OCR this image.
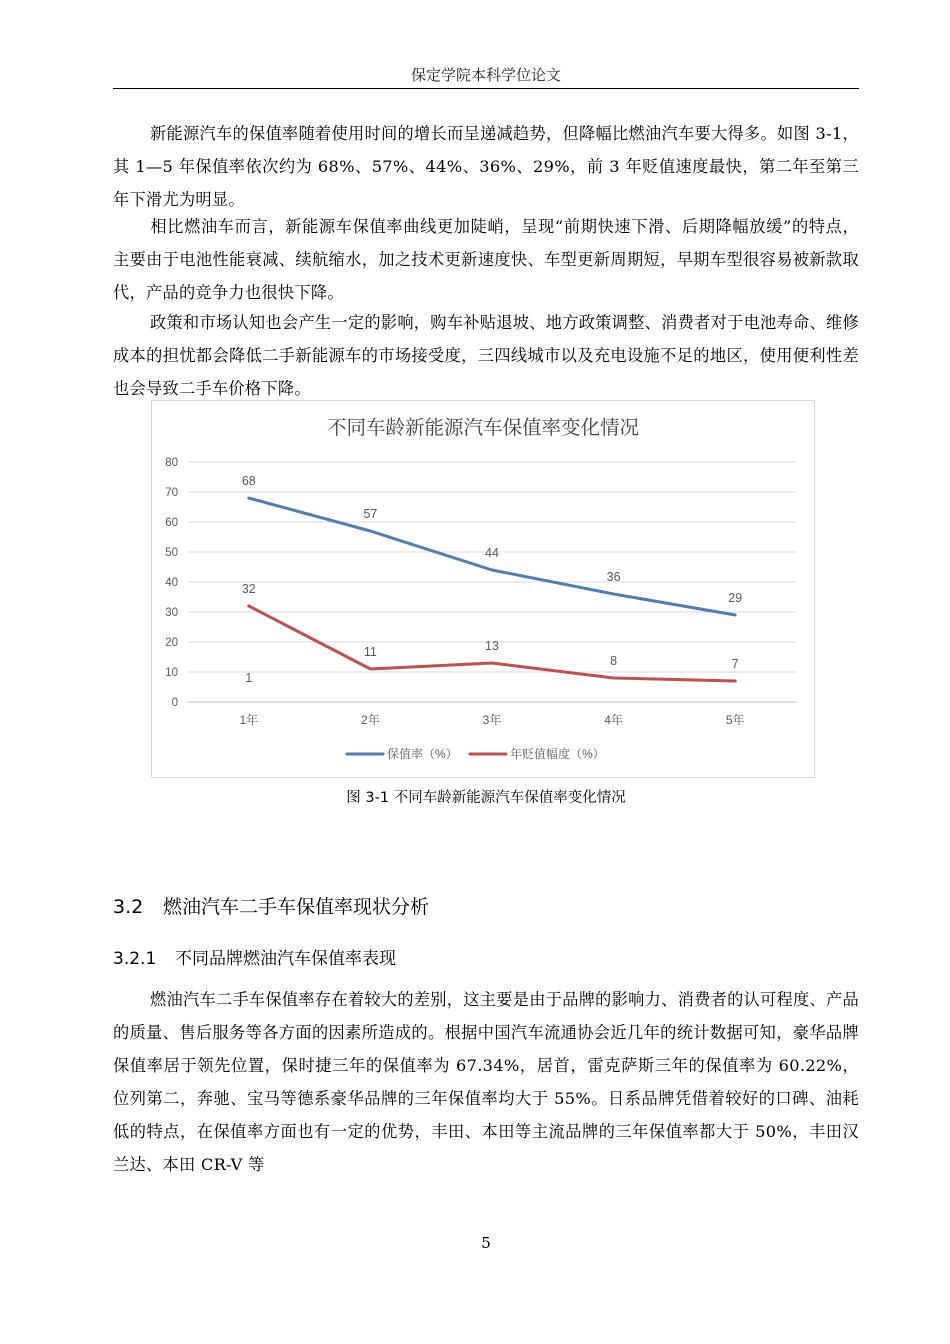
保定学院本科学位论文

新能源汽车的保值率随着使用时间的增长而呈递减趋势，但降幅比燃油汽车要大得多。如图 3-1，其 1—5 年保值率依次约为 68%、57%、44%、36%、29%，前 3 年贬值速度最快，第二年至第三年下滑尤为明显。

相比燃油车而言，新能源车保值率曲线更加陡峭，呈现“前期快速下滑、后期降幅放缓”的特点，主要由于电池性能衰减、续航缩水，加之技术更新速度快、车型更新周期短，早期车型很容易被新款取代，产品的竞争力也很快下降。

政策和市场认知也会产生一定的影响，购车补贴退坡、地方政策调整、消费者对于电池寿命、维修成本的担忧都会降低二手新能源车的市场接受度，三四线城市以及充电设施不足的地区，使用便利性差也会导致二手车价格下降。

不同车龄新能源汽车保值率变化情况
0
10
20
30
40
50
60
70
80
1年	2年	3年	4年	5年
68
57
44
36
29
32
11	13
8	7
1
保值率（%）	年贬值幅度（%）
图 3-1 不同车龄新能源汽车保值率变化情况
3.2 燃油汽车二手车保值率现状分析
3.2.1 不同品牌燃油汽车保值率表现

燃油汽车二手车保值率存在着较大的差别，这主要是由于品牌的影响力、消费者的认可程度、产品的质量、售后服务等各方面的因素所造成的。根据中国汽车流通协会近几年的统计数据可知，豪华品牌保值率居于领先位置，保时捷三年的保值率为 67.34%，居首，雷克萨斯三年的保值率为 60.22%，位列第二，奔驰、宝马等德系豪华品牌的三年保值率均大于 55%。日系品牌凭借着较好的口碑、油耗低的特点，在保值率方面也有一定的优势，丰田、本田等主流品牌的三年保值率都大于 50%，丰田汉兰达、本田 CR-V 等

5
